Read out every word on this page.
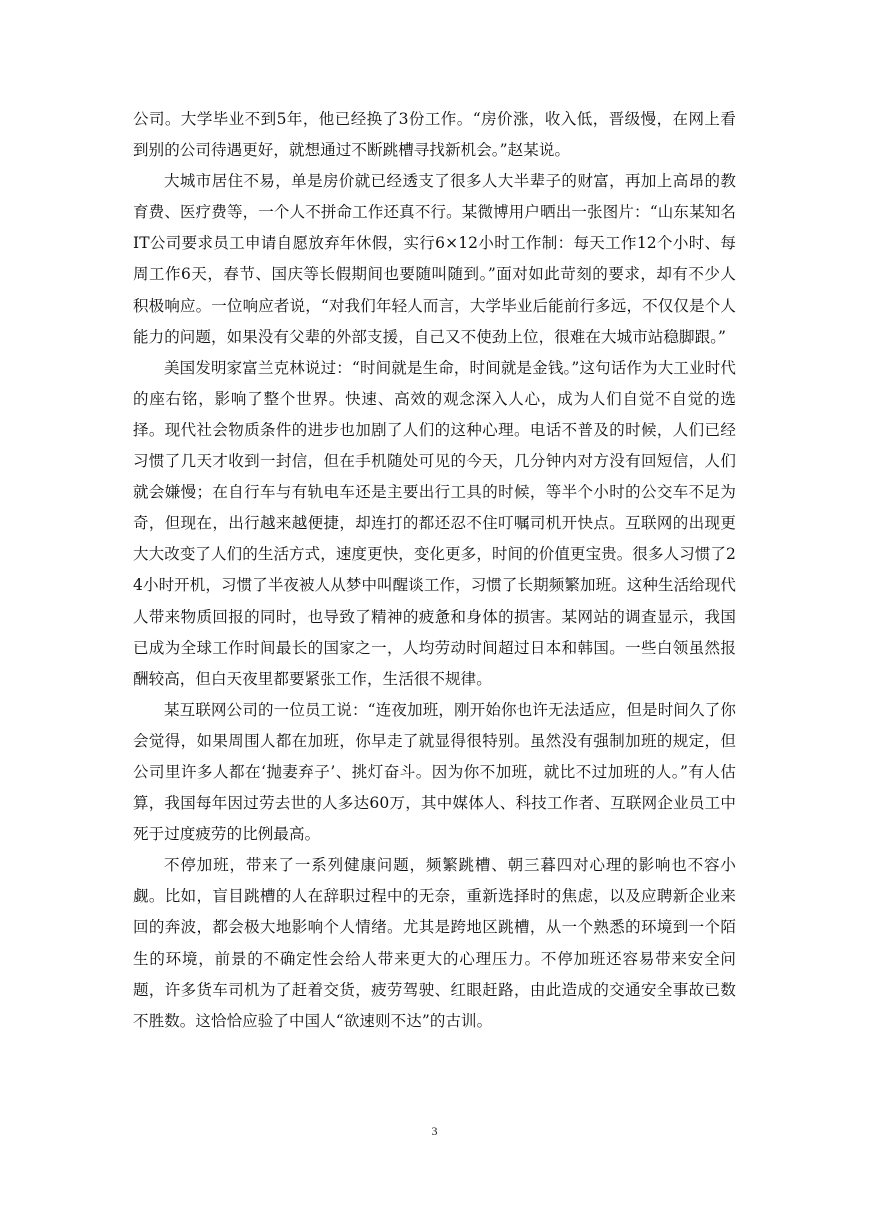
公司。大学毕业不到5年，他已经换了3份工作。“房价涨，收入低，晋级慢，在网上看到别的公司待遇更好，就想通过不断跳槽寻找新机会。”赵某说。

大城市居住不易，单是房价就已经透支了很多人大半辈子的财富，再加上高昂的教育费、医疗费等，一个人不拼命工作还真不行。某微博用户晒出一张图片：“山东某知名IT公司要求员工申请自愿放弃年休假，实行6×12小时工作制：每天工作12个小时、每周工作6天，春节、国庆等长假期间也要随叫随到。”面对如此苛刻的要求，却有不少人积极响应。一位响应者说，“对我们年轻人而言，大学毕业后能前行多远，不仅仅是个人能力的问题，如果没有父辈的外部支援，自己又不使劲上位，很难在大城市站稳脚跟。”

美国发明家富兰克林说过：“时间就是生命，时间就是金钱。”这句话作为大工业时代的座右铭，影响了整个世界。快速、高效的观念深入人心，成为人们自觉不自觉的选择。现代社会物质条件的进步也加剧了人们的这种心理。电话不普及的时候，人们已经习惯了几天才收到一封信，但在手机随处可见的今天，几分钟内对方没有回短信，人们就会嫌慢；在自行车与有轨电车还是主要出行工具的时候，等半个小时的公交车不足为奇，但现在，出行越来越便捷，却连打的都还忍不住叮嘱司机开快点。互联网的出现更大大改变了人们的生活方式，速度更快，变化更多，时间的价值更宝贵。很多人习惯了24小时开机，习惯了半夜被人从梦中叫醒谈工作，习惯了长期频繁加班。这种生活给现代人带来物质回报的同时，也导致了精神的疲惫和身体的损害。某网站的调查显示，我国已成为全球工作时间最长的国家之一，人均劳动时间超过日本和韩国。一些白领虽然报酬较高，但白天夜里都要紧张工作，生活很不规律。

某互联网公司的一位员工说：“连夜加班，刚开始你也许无法适应，但是时间久了你会觉得，如果周围人都在加班，你早走了就显得很特别。虽然没有强制加班的规定，但公司里许多人都在‘抛妻弃子’、挑灯奋斗。因为你不加班，就比不过加班的人。”有人估算，我国每年因过劳去世的人多达60万，其中媒体人、科技工作者、互联网企业员工中死于过度疲劳的比例最高。

不停加班，带来了一系列健康问题，频繁跳槽、朝三暮四对心理的影响也不容小觑。比如，盲目跳槽的人在辞职过程中的无奈，重新选择时的焦虑，以及应聘新企业来回的奔波，都会极大地影响个人情绪。尤其是跨地区跳槽，从一个熟悉的环境到一个陌生的环境，前景的不确定性会给人带来更大的心理压力。不停加班还容易带来安全问题，许多货车司机为了赶着交货，疲劳驾驶、红眼赶路，由此造成的交通安全事故已数不胜数。这恰恰应验了中国人“欲速则不达”的古训。

3
